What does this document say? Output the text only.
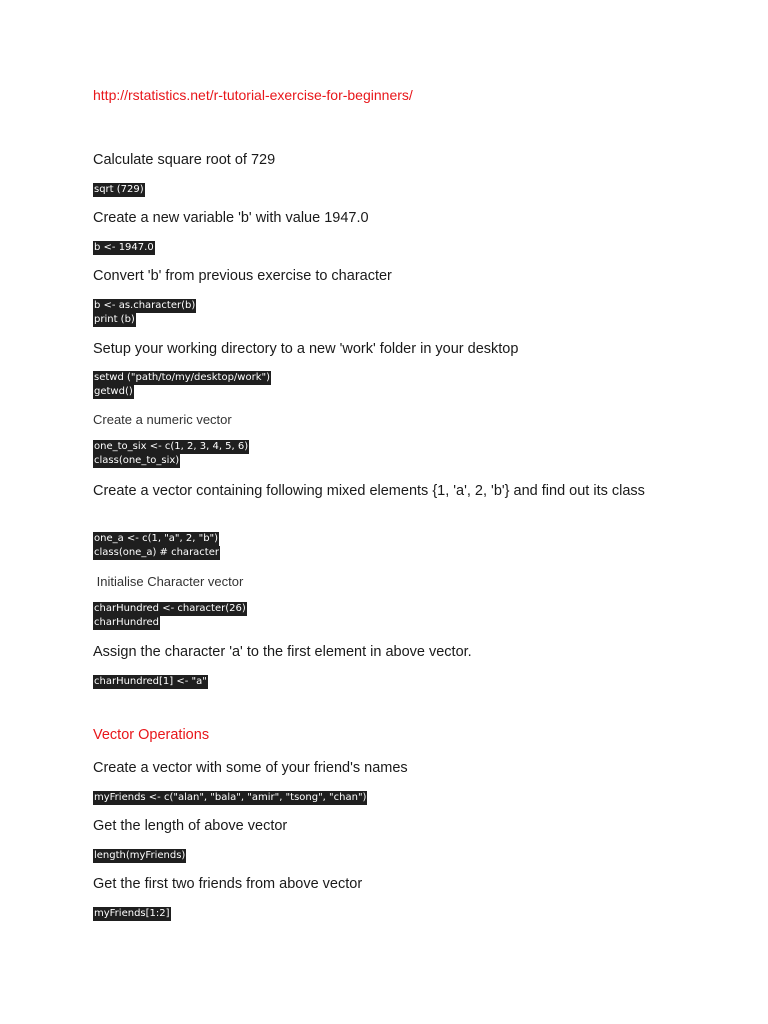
http://rstatistics.net/r-tutorial-exercise-for-beginners/
Calculate square root of 729
sqrt (729)
Create a new variable 'b' with value 1947.0
b <- 1947.0
Convert 'b' from previous exercise to character
b <- as.character(b)
print (b)
Setup your working directory to a new 'work' folder in your desktop
setwd ("path/to/my/desktop/work")
getwd()
Create a numeric vector
one_to_six <- c(1, 2, 3, 4, 5, 6)
class(one_to_six)
Create a vector containing following mixed elements {1, 'a', 2, 'b'} and find out its class
one_a <- c(1, "a", 2, "b")
class(one_a) # character
Initialise Character vector
charHundred <- character(26)
charHundred
Assign the character 'a' to the first element in above vector.
charHundred[1] <- "a"
Vector Operations
Create a vector with some of your friend's names
myFriends <- c("alan", "bala", "amir", "tsong", "chan")
Get the length of above vector
length(myFriends)
Get the first two friends from above vector
myFriends[1:2]
